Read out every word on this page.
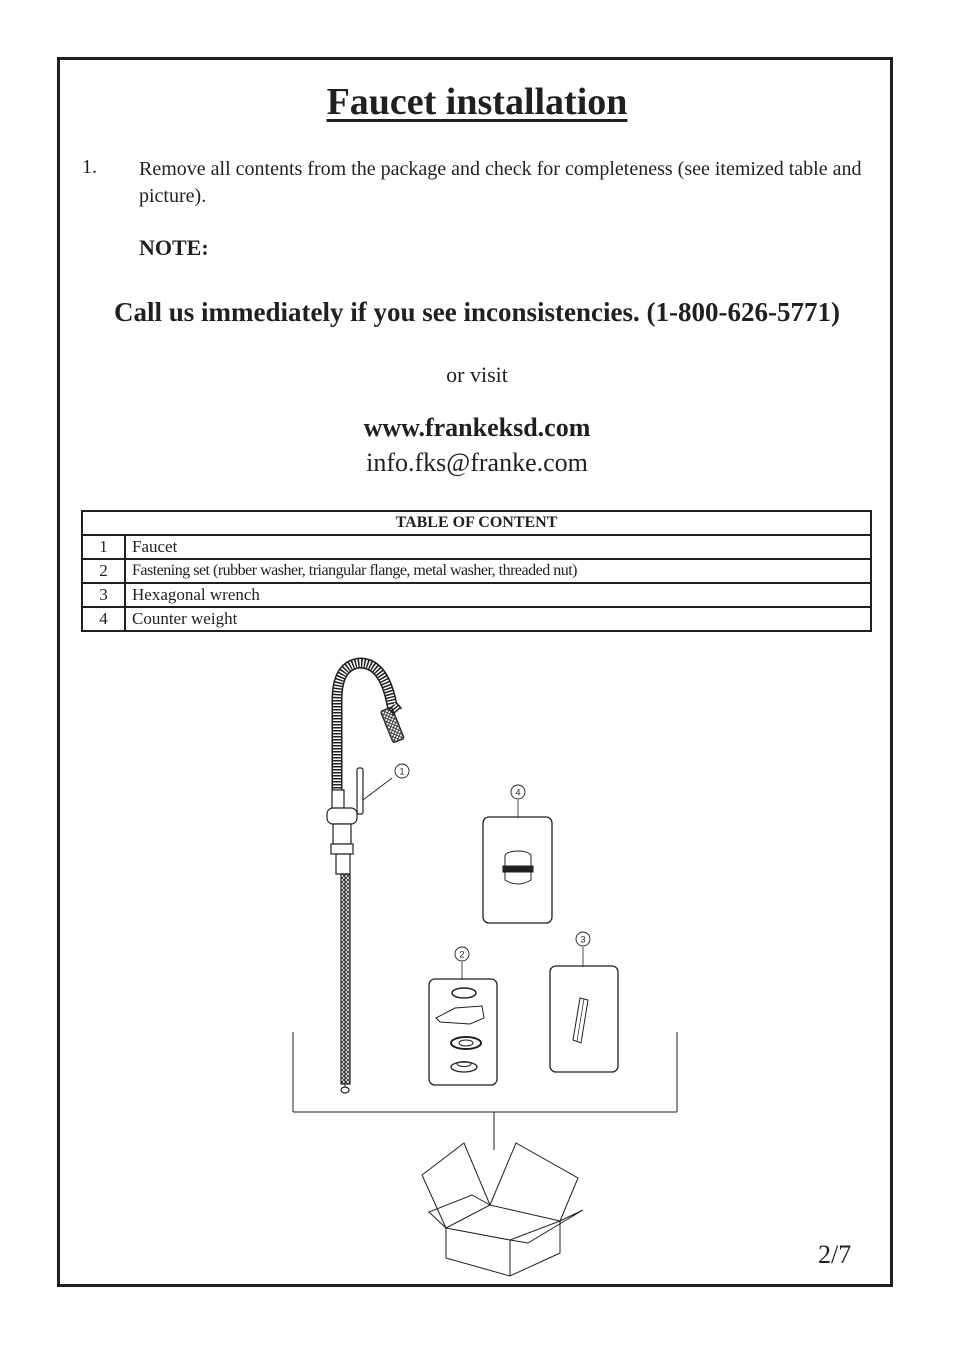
Faucet installation
1. Remove all contents from the package and check for completeness (see itemized table and picture).
NOTE:
Call us immediately if you see inconsistencies. (1-800-626-5771)
or visit
www.frankeksd.com
info.fks@franke.com
TABLE OF CONTENT	
1	Faucet
2	Fastening set (rubber washer, triangular flange, metal washer, threaded nut)
3	Hexagonal wrench
4	Counter weight
1
2
3
4
2/7
